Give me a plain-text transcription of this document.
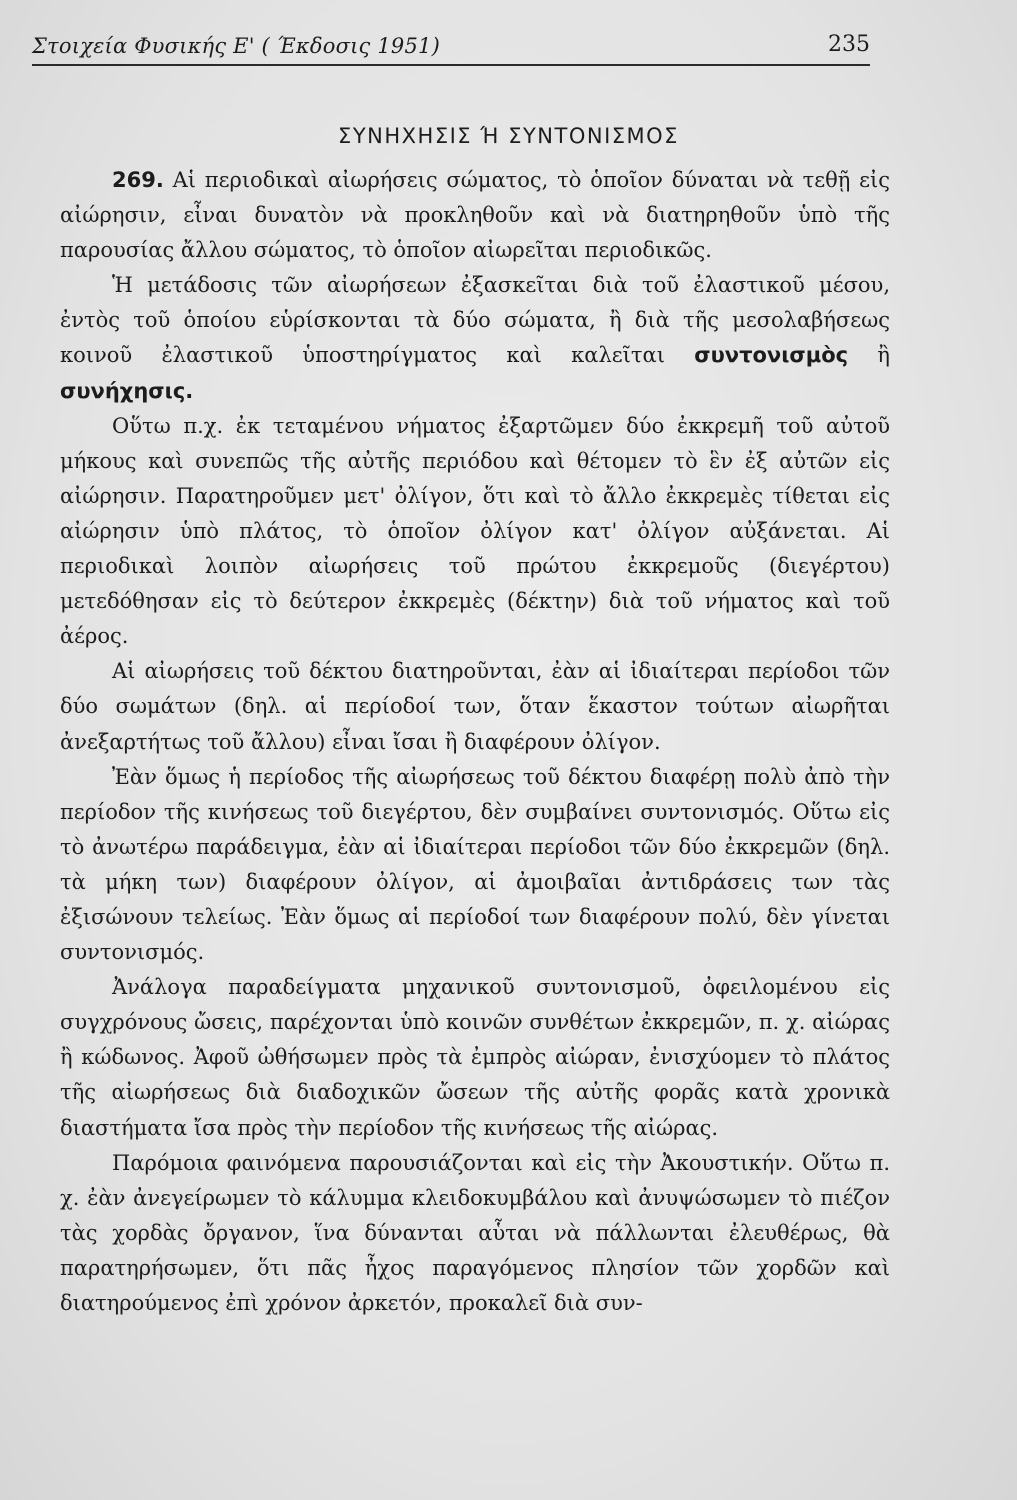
Στοιχεία Φυσικής Ε' ( Έκδοσις 1951)	235
ΣΥΝΗΧΗΣΙΣ Ή ΣΥΝΤΟΝΙΣΜΟΣ

269. Αἱ περιοδικαὶ αἰωρήσεις σώματος, τὸ ὁποῖον δύναται νὰ τεθῇ εἰς αἰώρησιν, εἶναι δυνατὸν νὰ προκληθοῦν καὶ νὰ διατηρηθοῦν ὑπὸ τῆς παρουσίας ἄλλου σώματος, τὸ ὁποῖον αἰωρεῖται περιοδικῶς.

Ἡ μετάδοσις τῶν αἰωρήσεων ἐξασκεῖται διὰ τοῦ ἐλαστικοῦ μέσου, ἐντὸς τοῦ ὁποίου εὑρίσκονται τὰ δύο σώματα, ἢ διὰ τῆς μεσολαβήσεως κοινοῦ ἐλαστικοῦ ὑποστηρίγματος καὶ καλεῖται συντονισμὸς ἢ συνήχησις.

Οὕτω π.χ. ἐκ τεταμένου νήματος ἐξαρτῶμεν δύο ἐκκρεμῆ τοῦ αὐτοῦ μήκους καὶ συνεπῶς τῆς αὐτῆς περιόδου καὶ θέτομεν τὸ ἓν ἐξ αὐτῶν εἰς αἰώρησιν. Παρατηροῦμεν μετ' ὀλίγον, ὅτι καὶ τὸ ἄλλο ἐκκρεμὲς τίθεται εἰς αἰώρησιν ὑπὸ πλάτος, τὸ ὁποῖον ὀλίγον κατ' ὀλίγον αὐξάνεται. Αἱ περιοδικαὶ λοιπὸν αἰωρήσεις τοῦ πρώτου ἐκκρεμοῦς (διεγέρτου) μετεδόθησαν εἰς τὸ δεύτερον ἐκκρεμὲς (δέκτην) διὰ τοῦ νήματος καὶ τοῦ ἀέρος.

Αἱ αἰωρήσεις τοῦ δέκτου διατηροῦνται, ἐὰν αἱ ἰδιαίτεραι περίοδοι τῶν δύο σωμάτων (δηλ. αἱ περίοδοί των, ὅταν ἕκαστον τούτων αἰωρῆται ἀνεξαρτήτως τοῦ ἄλλου) εἶναι ἴσαι ἢ διαφέρουν ὀλίγον.

Ἐὰν ὅμως ἡ περίοδος τῆς αἰωρήσεως τοῦ δέκτου διαφέρῃ πολὺ ἀπὸ τὴν περίοδον τῆς κινήσεως τοῦ διεγέρτου, δὲν συμβαίνει συντονισμός. Οὕτω εἰς τὸ ἀνωτέρω παράδειγμα, ἐὰν αἱ ἰδιαίτεραι περίοδοι τῶν δύο ἐκκρεμῶν (δηλ. τὰ μήκη των) διαφέρουν ὀλίγον, αἱ ἀμοιβαῖαι ἀντιδράσεις των τὰς ἐξισώνουν τελείως. Ἐὰν ὅμως αἱ περίοδοί των διαφέρουν πολύ, δὲν γίνεται συντονισμός.

Ἀνάλογα παραδείγματα μηχανικοῦ συντονισμοῦ, ὀφειλομένου εἰς συγχρόνους ὤσεις, παρέχονται ὑπὸ κοινῶν συνθέτων ἐκκρεμῶν, π. χ. αἰώρας ἢ κώδωνος. Ἀφοῦ ὠθήσωμεν πρὸς τὰ ἐμπρὸς αἰώραν, ἐνισχύομεν τὸ πλάτος τῆς αἰωρήσεως διὰ διαδοχικῶν ὤσεων τῆς αὐτῆς φορᾶς κατὰ χρονικὰ διαστήματα ἴσα πρὸς τὴν περίοδον τῆς κινήσεως τῆς αἰώρας.

Παρόμοια φαινόμενα παρουσιάζονται καὶ εἰς τὴν Ἀκουστικήν. Οὕτω π. χ. ἐὰν ἀνεγείρωμεν τὸ κάλυμμα κλειδοκυμβάλου καὶ ἀνυψώσωμεν τὸ πιέζον τὰς χορδὰς ὄργανον, ἵνα δύνανται αὗται νὰ πάλλωνται ἐλευθέρως, θὰ παρατηρήσωμεν, ὅτι πᾶς ἦχος παραγόμενος πλησίον τῶν χορδῶν καὶ διατηρούμενος ἐπὶ χρόνον ἀρκετόν, προκαλεῖ διὰ συν-
